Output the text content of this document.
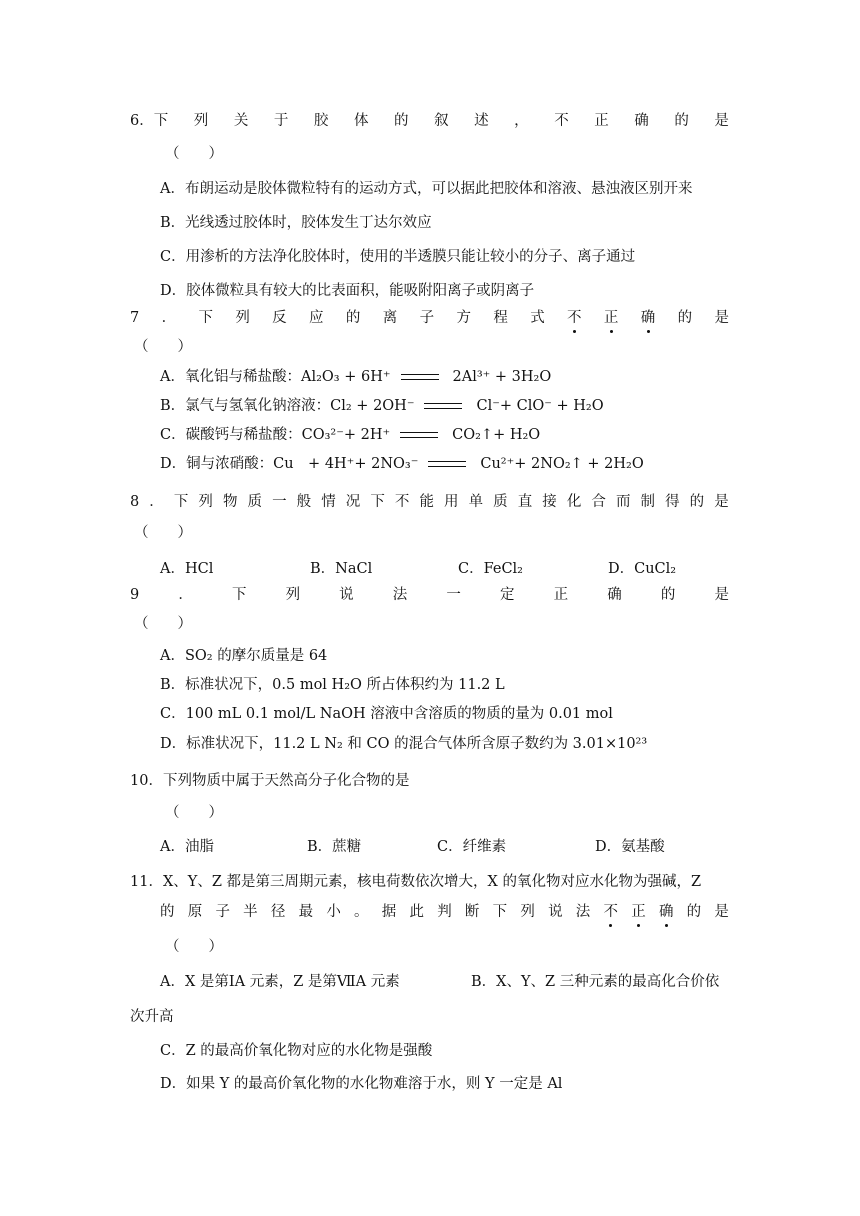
6．下 列 关 于 胶 体 的 叙 述 ， 不 正 确 的 是
（　　）
A．布朗运动是胶体微粒特有的运动方式，可以据此把胶体和溶液、悬浊液区别开来
B．光线透过胶体时，胶体发生丁达尔效应
C．用渗析的方法净化胶体时，使用的半透膜只能让较小的分子、离子通过
D．胶体微粒具有较大的比表面积，能吸附阳离子或阴离子
7 ． 下 列 反 应 的 离 子 方 程 式 不 正 确 的 是
（　　）
A．氧化铝与稀盐酸：Al₂O₃ + 6H⁺	2Al³⁺ + 3H₂O
B．氯气与氢氧化钠溶液：Cl₂ + 2OH⁻	Cl⁻+ ClO⁻ + H₂O
C．碳酸钙与稀盐酸：CO₃²⁻+ 2H⁺	CO₂↑+ H₂O
D．铜与浓硝酸：Cu　+ 4H⁺+ 2NO₃⁻	Cu²⁺+ 2NO₂↑ + 2H₂O
8 ． 下 列 物 质 一 般 情 况 下 不 能 用 单 质 直 接 化 合 而 制 得 的 是
（　　）
A．HCl	B．NaCl	C．FeCl₂	D．CuCl₂
9	．	下	列	说	法	一	定	正	确	的	是
（　　）
A．SO₂ 的摩尔质量是 64
B．标准状况下，0.5 mol H₂O 所占体积约为 11.2 L
C．100 mL 0.1 mol/L NaOH 溶液中含溶质的物质的量为 0.01 mol
D．标准状况下，11.2 L N₂ 和 CO 的混合气体所含原子数约为 3.01×10²³
10．下列物质中属于天然高分子化合物的是
（　　）
A．油脂	B．蔗糖	C．纤维素	D．氨基酸
11．X、Y、Z 都是第三周期元素，核电荷数依次增大，X 的氧化物对应水化物为强碱，Z
的 原 子 半 径 最 小 。 据 此 判 断 下 列 说 法 不 正 确 的 是
（　　）
A．X 是第ⅠA 元素，Z 是第ⅦA 元素	B．X、Y、Z 三种元素的最高化合价依
次升高
C．Z 的最高价氧化物对应的水化物是强酸
D．如果 Y 的最高价氧化物的水化物难溶于水，则 Y 一定是 Al
